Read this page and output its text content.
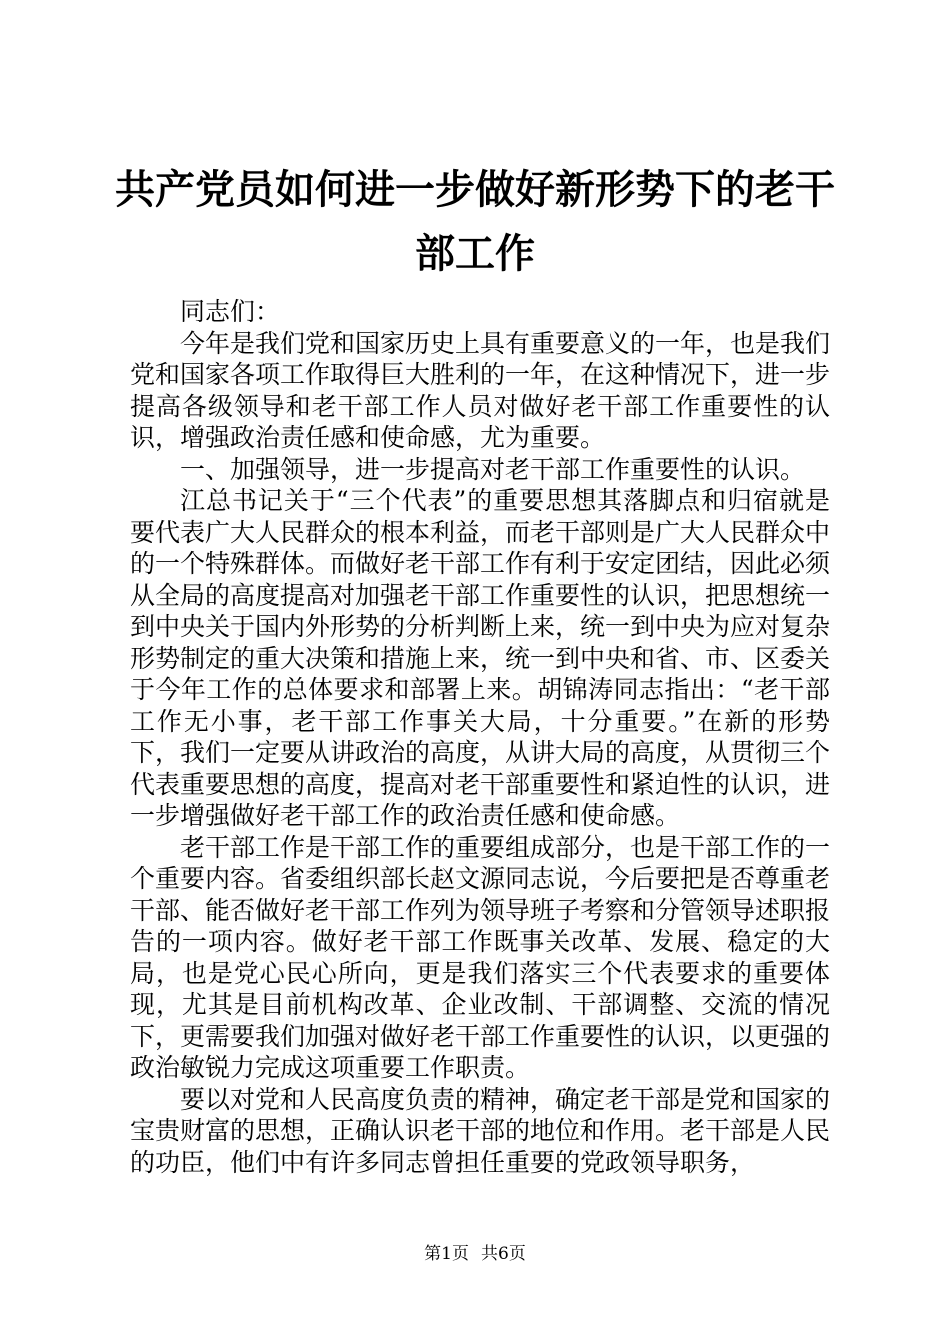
共产党员如何进一步做好新形势下的老干部工作

同志们：

今年是我们党和国家历史上具有重要意义的一年，也是我们党和国家各项工作取得巨大胜利的一年，在这种情况下，进一步提高各级领导和老干部工作人员对做好老干部工作重要性的认识，增强政治责任感和使命感，尤为重要。

一、加强领导，进一步提高对老干部工作重要性的认识。

江总书记关于“三个代表”的重要思想其落脚点和归宿就是要代表广大人民群众的根本利益，而老干部则是广大人民群众中的一个特殊群体。而做好老干部工作有利于安定团结，因此必须从全局的高度提高对加强老干部工作重要性的认识，把思想统一到中央关于国内外形势的分析判断上来，统一到中央为应对复杂形势制定的重大决策和措施上来，统一到中央和省、市、区委关于今年工作的总体要求和部署上来。胡锦涛同志指出：“老干部工作无小事，老干部工作事关大局，十分重要。”在新的形势下，我们一定要从讲政治的高度，从讲大局的高度，从贯彻三个代表重要思想的高度，提高对老干部重要性和紧迫性的认识，进一步增强做好老干部工作的政治责任感和使命感。

老干部工作是干部工作的重要组成部分，也是干部工作的一个重要内容。省委组织部长赵文源同志说，今后要把是否尊重老干部、能否做好老干部工作列为领导班子考察和分管领导述职报告的一项内容。做好老干部工作既事关改革、发展、稳定的大局，也是党心民心所向，更是我们落实三个代表要求的重要体现，尤其是目前机构改革、企业改制、干部调整、交流的情况下，更需要我们加强对做好老干部工作重要性的认识，以更强的政治敏锐力完成这项重要工作职责。

要以对党和人民高度负责的精神，确定老干部是党和国家的宝贵财富的思想，正确认识老干部的地位和作用。老干部是人民的功臣，他们中有许多同志曾担任重要的党政领导职务，

第1页 共6页
